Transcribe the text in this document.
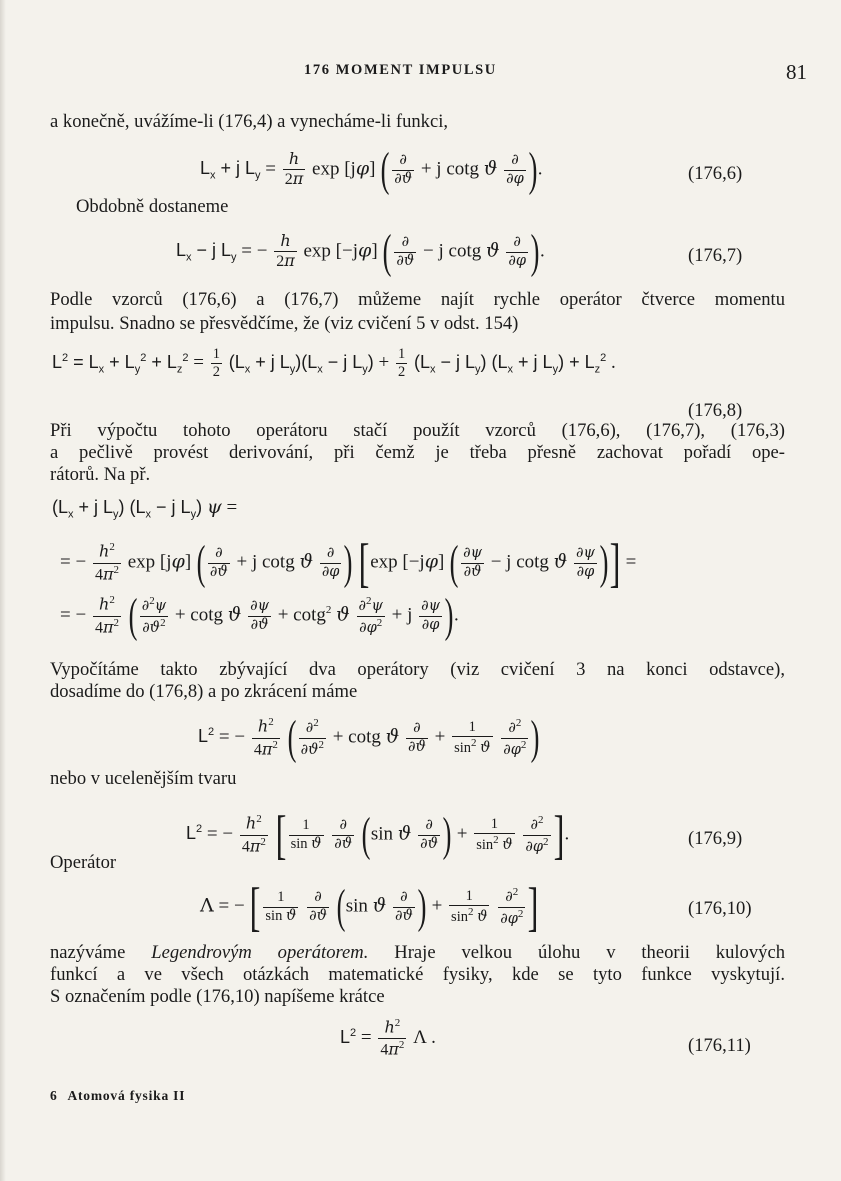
176 MOMENT IMPULSU	81
a konečně, uvážíme-li (176,4) a vynecháme-li funkci,
$L_x + j$ $L_y = \frac{h}{2\pi}$ exp [jφ] ( $\frac{\partial}{\partial ϑ} + j$ cotg ϑ $\frac{\partial}{\partial\varphi}$ ).	(176,6)
Obdobně dostaneme
$L_x - j$ $L_y$ = − $\frac{h}{2\pi}$ exp [−jφ] ( $\frac{\partial}{\partial ϑ} - j$ cotg ϑ $\frac{\partial}{\partial\varphi}$ ).	(176,7)
Podle vzorců (176,6) a (176,7) můžeme najít rychle operátor čtverce momentu
impulsu. Snadno se přesvědčíme, že (viz cvičení 5 v odst. 154)
$L^2 = L_x + L_y^2 + L_z^2 = \frac{1}{2} (L_x + j$ $L_y)(L_x - j$ $L_y) + \frac{1}{2} (L_x - j$ $L_y$) ($L_x + j$ $L_y) + L_z^2$ .
(176,8)
Při výpočtu tohoto operátoru stačí použít vzorců (176,6), (176,7), (176,3)
a pečlivě provést derivování, při čemž je třeba přesně zachovat pořadí ope-
rátorů. Na př.
($L_x + j$ $L_y$) ($L_x - j$ $L_y$) ψ =
= − $\frac{h^2}{4\pi^2}$ exp [jφ] ( $\frac{\partial}{\partial ϑ} + j$ cotg ϑ $\frac{\partial}{\partial\varphi}$ ) [exp [−jφ] ( $\frac{\partial\psi}{\partial ϑ} - j$ cotg ϑ $\frac{\partial\psi}{\partial\varphi}$ )] =
= − $\frac{h^2}{4\pi^2}$ ( $\frac{\partial^2\psi}{\partial ϑ^2} + \cot g$ ϑ $\frac{\partial\psi}{\partial ϑ} + \cot g^2$ ϑ $\frac{\partial^2\psi}{\partial\varphi^2} + j \frac{\partial\psi}{\partial\varphi}$ ).
Vypočítáme takto zbývající dva operátory (viz cvičení 3 na konci odstavce),
dosadíme do (176,8) a po zkrácení máme
$L^2$ = − $\frac{h^2}{4\pi^2}$ ( $\frac{\partial^2}{\partial ϑ^2} + \cot g$ ϑ $\frac{\partial}{\partial ϑ} + \frac{1}{\sin^2 ϑ}$
$\frac{\partial^2}{\partial\varphi^2}$ )
nebo v ucelenějším tvaru
$L^2$ = − $\frac{h^2}{4\pi^2}$ [ $\frac{1}{\text{sin ϑ}}$
$\frac{\partial}{\partial ϑ} (\sin$ ϑ $\frac{\partial}{\partial ϑ}$ ) + $\frac{1}{\sin^2 ϑ}$
$\frac{\partial^2}{\partial\varphi^2}$ ].	(176,9)
Operátor
Λ = − [ $\frac{1}{\text{sin ϑ}}$
$\frac{\partial}{\partial ϑ} (\sin$ ϑ $\frac{\partial}{\partial ϑ}$ ) + $\frac{1}{\sin^2 ϑ}$
$\frac{\partial^2}{\partial\varphi^2}$ ]	(176,10)
nazýváme Legendrovým operátorem. Hraje velkou úlohu v theorii kulových
funkcí a ve všech otázkách matematické fysiky, kde se tyto funkce vyskytují.
S označením podle (176,10) napíšeme krátce
$L^2 = \frac{h^2}{4\pi^2}$ Λ .	(176,11)
6 Atomová fysika II
